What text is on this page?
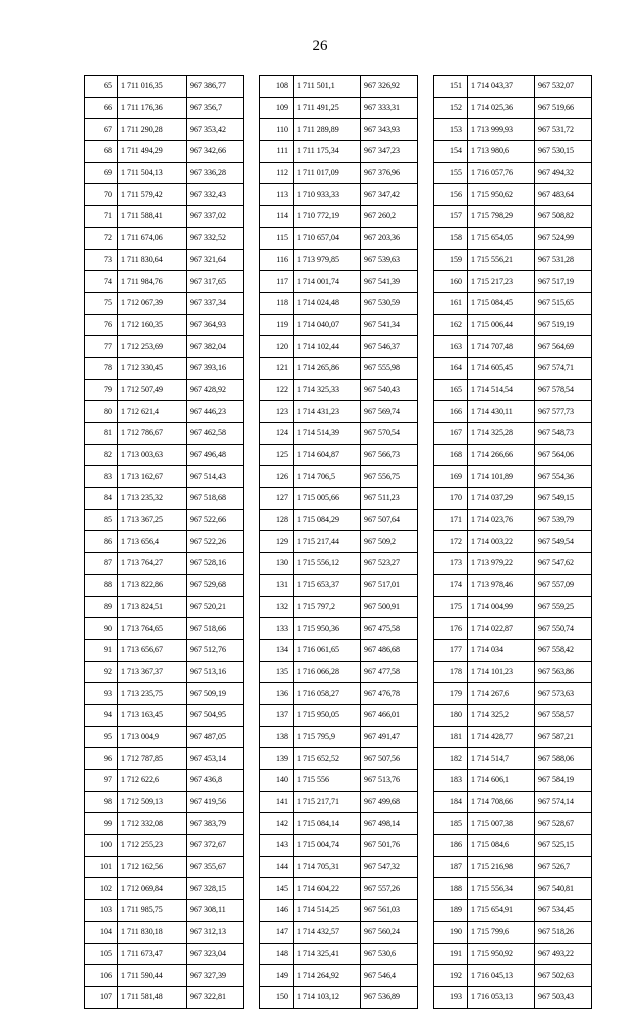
26
65	1 711 016,35	967 386,77
66	1 711 176,36	967 356,7
67	1 711 290,28	967 353,42
68	1 711 494,29	967 342,66
69	1 711 504,13	967 336,28
70	1 711 579,42	967 332,43
71	1 711 588,41	967 337,02
72	1 711 674,06	967 332,52
73	1 711 830,64	967 321,64
74	1 711 984,76	967 317,65
75	1 712 067,39	967 337,34
76	1 712 160,35	967 364,93
77	1 712 253,69	967 382,04
78	1 712 330,45	967 393,16
79	1 712 507,49	967 428,92
80	1 712 621,4	967 446,23
81	1 712 786,67	967 462,58
82	1 713 003,63	967 496,48
83	1 713 162,67	967 514,43
84	1 713 235,32	967 518,68
85	1 713 367,25	967 522,66
86	1 713 656,4	967 522,26
87	1 713 764,27	967 528,16
88	1 713 822,86	967 529,68
89	1 713 824,51	967 520,21
90	1 713 764,65	967 518,66
91	1 713 656,67	967 512,76
92	1 713 367,37	967 513,16
93	1 713 235,75	967 509,19
94	1 713 163,45	967 504,95
95	1 713 004,9	967 487,05
96	1 712 787,85	967 453,14
97	1 712 622,6	967 436,8
98	1 712 509,13	967 419,56
99	1 712 332,08	967 383,79
100	1 712 255,23	967 372,67
101	1 712 162,56	967 355,67
102	1 712 069,84	967 328,15
103	1 711 985,75	967 308,11
104	1 711 830,18	967 312,13
105	1 711 673,47	967 323,04
106	1 711 590,44	967 327,39
107	1 711 581,48	967 322,81
108	1 711 501,1	967 326,92
109	1 711 491,25	967 333,31
110	1 711 289,89	967 343,93
111	1 711 175,34	967 347,23
112	1 711 017,09	967 376,96
113	1 710 933,33	967 347,42
114	1 710 772,19	967 260,2
115	1 710 657,04	967 203,36
116	1 713 979,85	967 539,63
117	1 714 001,74	967 541,39
118	1 714 024,48	967 530,59
119	1 714 040,07	967 541,34
120	1 714 102,44	967 546,37
121	1 714 265,86	967 555,98
122	1 714 325,33	967 540,43
123	1 714 431,23	967 569,74
124	1 714 514,39	967 570,54
125	1 714 604,87	967 566,73
126	1 714 706,5	967 556,75
127	1 715 005,66	967 511,23
128	1 715 084,29	967 507,64
129	1 715 217,44	967 509,2
130	1 715 556,12	967 523,27
131	1 715 653,37	967 517,01
132	1 715 797,2	967 500,91
133	1 715 950,36	967 475,58
134	1 716 061,65	967 486,68
135	1 716 066,28	967 477,58
136	1 716 058,27	967 476,78
137	1 715 950,05	967 466,01
138	1 715 795,9	967 491,47
139	1 715 652,52	967 507,56
140	1 715 556	967 513,76
141	1 715 217,71	967 499,68
142	1 715 084,14	967 498,14
143	1 715 004,74	967 501,76
144	1 714 705,31	967 547,32
145	1 714 604,22	967 557,26
146	1 714 514,25	967 561,03
147	1 714 432,57	967 560,24
148	1 714 325,41	967 530,6
149	1 714 264,92	967 546,4
150	1 714 103,12	967 536,89
151	1 714 043,37	967 532,07
152	1 714 025,36	967 519,66
153	1 713 999,93	967 531,72
154	1 713 980,6	967 530,15
155	1 716 057,76	967 494,32
156	1 715 950,62	967 483,64
157	1 715 798,29	967 508,82
158	1 715 654,05	967 524,99
159	1 715 556,21	967 531,28
160	1 715 217,23	967 517,19
161	1 715 084,45	967 515,65
162	1 715 006,44	967 519,19
163	1 714 707,48	967 564,69
164	1 714 605,45	967 574,71
165	1 714 514,54	967 578,54
166	1 714 430,11	967 577,73
167	1 714 325,28	967 548,73
168	1 714 266,66	967 564,06
169	1 714 101,89	967 554,36
170	1 714 037,29	967 549,15
171	1 714 023,76	967 539,79
172	1 714 003,22	967 549,54
173	1 713 979,22	967 547,62
174	1 713 978,46	967 557,09
175	1 714 004,99	967 559,25
176	1 714 022,87	967 550,74
177	1 714 034	967 558,42
178	1 714 101,23	967 563,86
179	1 714 267,6	967 573,63
180	1 714 325,2	967 558,57
181	1 714 428,77	967 587,21
182	1 714 514,7	967 588,06
183	1 714 606,1	967 584,19
184	1 714 708,66	967 574,14
185	1 715 007,38	967 528,67
186	1 715 084,6	967 525,15
187	1 715 216,98	967 526,7
188	1 715 556,34	967 540,81
189	1 715 654,91	967 534,45
190	1 715 799,6	967 518,26
191	1 715 950,92	967 493,22
192	1 716 045,13	967 502,63
193	1 716 053,13	967 503,43
